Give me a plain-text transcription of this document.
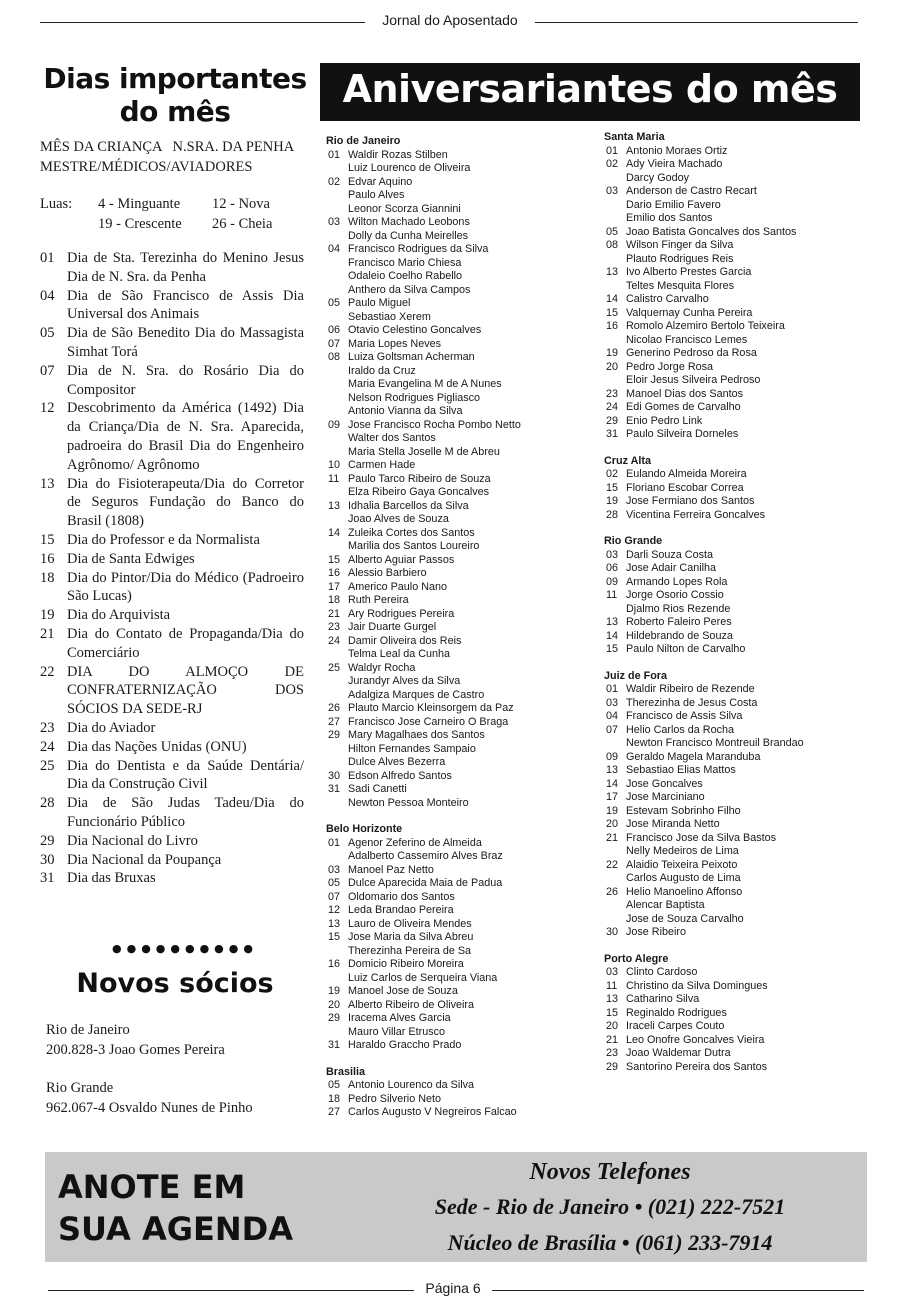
Jornal do Aposentado
Dias importantes
do mês
MÊS DA CRIANÇA   N.SRA. DA PENHA
MESTRE/MÉDICOS/AVIADORES
Luas: 4 - Minguante 12 - Nova
19 - Crescente 26 - Cheia
01 Dia de Sta. Terezinha do Menino Jesus Dia de N. Sra. da Penha
04 Dia de São Francisco de Assis Dia Universal dos Animais
05 Dia de São Benedito Dia do Massagista Simhat Torá
07 Dia de N. Sra. do Rosário Dia do Compositor
12 Descobrimento da América (1492) Dia da Criança/Dia de N. Sra. Aparecida, padroeira do Brasil Dia do Engenheiro Agrônomo/ Agrônomo
13 Dia do Fisioterapeuta/Dia do Corretor de Seguros Fundação do Banco do Brasil (1808)
15 Dia do Professor e da Normalista
16 Dia de Santa Edwiges
18 Dia do Pintor/Dia do Médico (Padroeiro São Lucas)
19 Dia do Arquivista
21 Dia do Contato de Propaganda/Dia do Comerciário
22 DIA DO ALMOÇO DE CONFRATERNIZAÇÃO DOS SÓCIOS DA SEDE-RJ
23 Dia do Aviador
24 Dia das Nações Unidas (ONU)
25 Dia do Dentista e da Saúde Dentária/ Dia da Construção Civil
28 Dia de São Judas Tadeu/Dia do Funcionário Público
29 Dia Nacional do Livro
30 Dia Nacional da Poupança
31 Dia das Bruxas
●●●●●●●●●●
Novos sócios
Rio de Janeiro
200.828-3 Joao Gomes Pereira
Rio Grande
962.067-4 Osvaldo Nunes de Pinho
Aniversariantes do mês
Rio de Janeiro
01 Waldir Rozas Stilben
Luiz Lourenco de Oliveira
02 Edvar Aquino
Paulo Alves
Leonor Scorza Giannini
03 Wilton Machado Leobons
Dolly da Cunha Meirelles
04 Francisco Rodrigues da Silva
Francisco Mario Chiesa
Odaleio Coelho Rabello
Anthero da Silva Campos
05 Paulo Miguel
Sebastiao Xerem
06 Otavio Celestino Goncalves
07 Maria Lopes Neves
08 Luiza Goltsman Acherman
Iraldo da Cruz
Maria Evangelina M de A Nunes
Nelson Rodrigues Pigliasco
Antonio Vianna da Silva
09 Jose Francisco Rocha Pombo Netto
Walter dos Santos
Maria Stella Joselle M de Abreu
10 Carmen Hade
11 Paulo Tarco Ribeiro de Souza
Elza Ribeiro Gaya Goncalves
13 Idhalia Barcellos da Silva
Joao Alves de Souza
14 Zuleika Cortes dos Santos
Marilia dos Santos Loureiro
15 Alberto Aguiar Passos
16 Alessio Barbiero
17 Americo Paulo Nano
18 Ruth Pereira
21 Ary Rodrigues Pereira
23 Jair Duarte Gurgel
24 Damir Oliveira dos Reis
Telma Leal da Cunha
25 Waldyr Rocha
Jurandyr Alves da Silva
Adalgiza Marques de Castro
26 Plauto Marcio Kleinsorgem da Paz
27 Francisco Jose Carneiro O Braga
29 Mary Magalhaes dos Santos
Hilton Fernandes Sampaio
Dulce Alves Bezerra
30 Edson Alfredo Santos
31 Sadi Canetti
Newton Pessoa Monteiro
Belo Horizonte
01 Agenor Zeferino de Almeida
Adalberto Cassemiro Alves Braz
03 Manoel Paz Netto
05 Dulce Aparecida Maia de Padua
07 Oldomario dos Santos
12 Leda Brandao Pereira
13 Lauro de Oliveira Mendes
15 Jose Maria da Silva Abreu
Therezinha Pereira de Sa
16 Domicio Ribeiro Moreira
Luiz Carlos de Serqueira Viana
19 Manoel Jose de Souza
20 Alberto Ribeiro de Oliveira
29 Iracema Alves Garcia
Mauro Villar Etrusco
31 Haraldo Graccho Prado
Brasilia
05 Antonio Lourenco da Silva
18 Pedro Silverio Neto
27 Carlos Augusto V Negreiros Falcao
Santa Maria
01 Antonio Moraes Ortiz
02 Ady Vieira Machado
Darcy Godoy
03 Anderson de Castro Recart
Dario Emilio Favero
Emilio dos Santos
05 Joao Batista Goncalves dos Santos
08 Wilson Finger da Silva
Plauto Rodrigues Reis
13 Ivo Alberto Prestes Garcia
Teltes Mesquita Flores
14 Calistro Carvalho
15 Valquernay Cunha Pereira
16 Romolo Alzemiro Bertolo Teixeira
Nicolao Francisco Lemes
19 Generino Pedroso da Rosa
20 Pedro Jorge Rosa
Eloir Jesus Silveira Pedroso
23 Manoel Dias dos Santos
24 Edi Gomes de Carvalho
29 Enio Pedro Link
31 Paulo Silveira Dorneles
Cruz Alta
02 Eulando Almeida Moreira
15 Floriano Escobar Correa
19 Jose Fermiano dos Santos
28 Vicentina Ferreira Goncalves
Rio Grande
03 Darli Souza Costa
06 Jose Adair Canilha
09 Armando Lopes Rola
11 Jorge Osorio Cossio
Djalmo Rios Rezende
13 Roberto Faleiro Peres
14 Hildebrando de Souza
15 Paulo Nilton de Carvalho
Juiz de Fora
01 Waldir Ribeiro de Rezende
03 Therezinha de Jesus Costa
04 Francisco de Assis Silva
07 Helio Carlos da Rocha
Newton Francisco Montreuil Brandao
09 Geraldo Magela Maranduba
13 Sebastiao Elias Mattos
14 Jose Goncalves
17 Jose Marciniano
19 Estevam Sobrinho Filho
20 Jose Miranda Netto
21 Francisco Jose da Silva Bastos
Nelly Medeiros de Lima
22 Alaidio Teixeira Peixoto
Carlos Augusto de Lima
26 Helio Manoelino Affonso
Alencar Baptista
Jose de Souza Carvalho
30 Jose Ribeiro
Porto Alegre
03 Clinto Cardoso
11 Christino da Silva Domingues
13 Catharino Silva
15 Reginaldo Rodrigues
20 Iraceli Carpes Couto
21 Leo Onofre Goncalves Vieira
23 Joao Waldemar Dutra
29 Santorino Pereira dos Santos
ANOTE EM
SUA AGENDA
Novos Telefones
Sede - Rio de Janeiro • (021) 222-7521
Núcleo de Brasília • (061) 233-7914
Página 6
